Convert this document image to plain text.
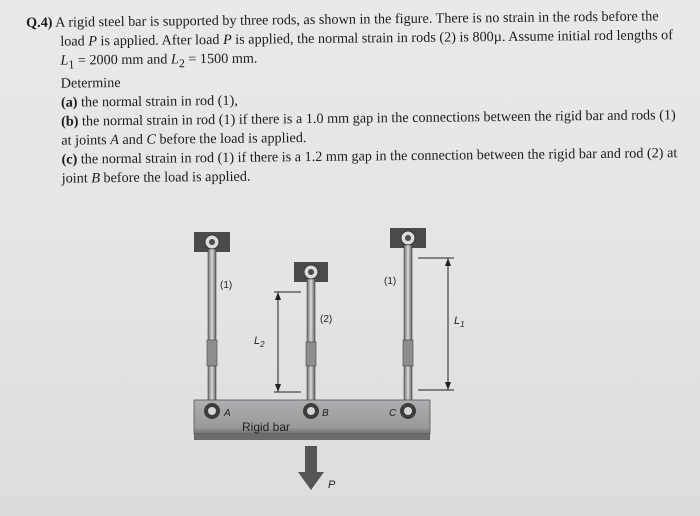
Q.4) A rigid steel bar is supported by three rods, as shown in the figure. There is no strain in the rods before the load P is applied. After load P is applied, the normal strain in rods (2) is 800µ. Assume initial rod lengths of $L_1 = 2000$ mm and $L_2 = 1500$ mm.

Determine

(a) the normal strain in rod (1),

(b) the normal strain in rod (1) if there is a 1.0 mm gap in the connections between the rigid bar and rods (1) at joints A and C before the load is applied.

(c) the normal strain in rod (1) if there is a 1.2 mm gap in the connection between the rigid bar and rod (2) at joint B before the load is applied.

(1)
(2)
(1)
$L_2$
$L_1$
A	B	C
Rigid bar
P
